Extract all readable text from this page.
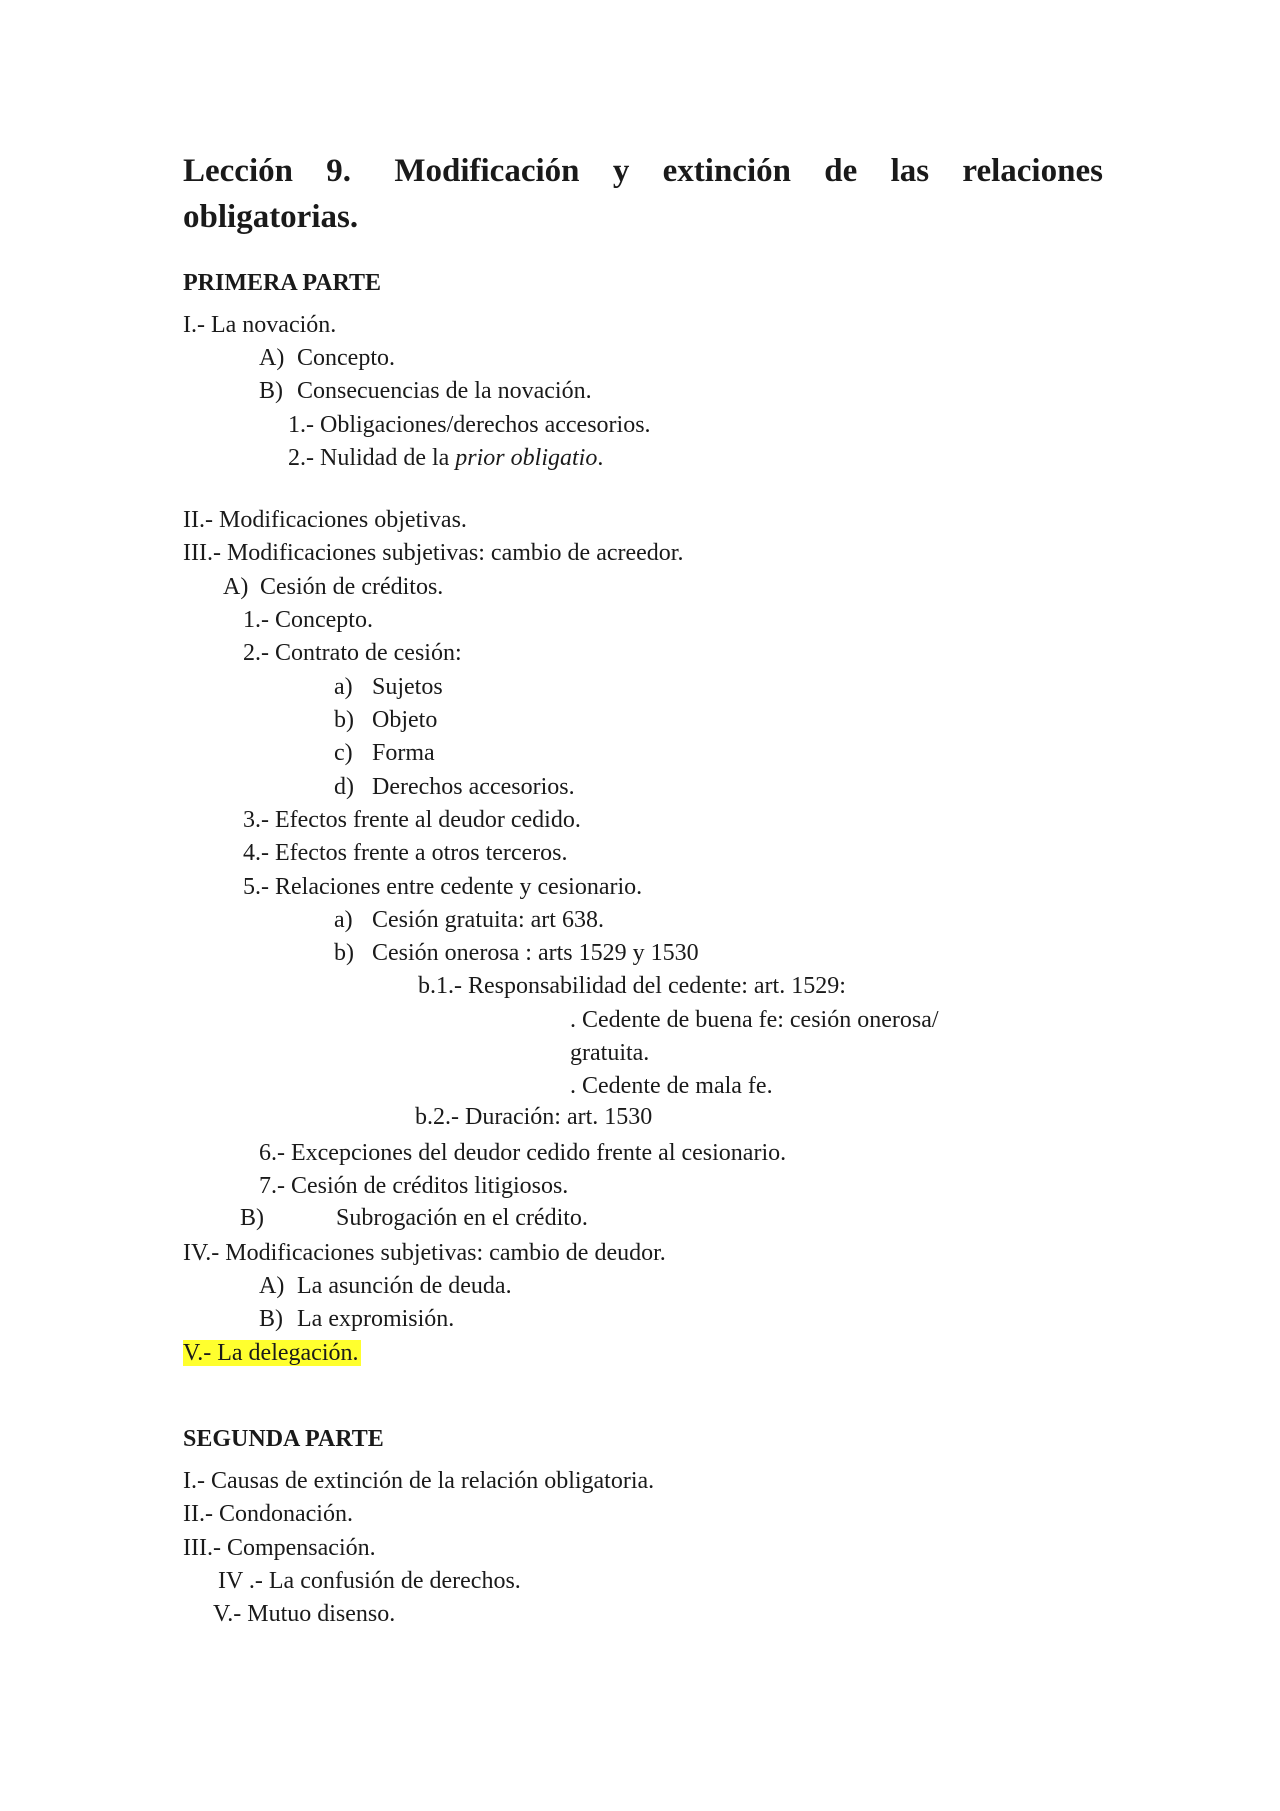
Lección 9. Modificación y extinción de las relaciones
obligatorias.
PRIMERA PARTE
I.- La novación.
A) Concepto.
B) Consecuencias de la novación.
1.- Obligaciones/derechos accesorios.
2.- Nulidad de la prior obligatio.
II.- Modificaciones objetivas.
III.- Modificaciones subjetivas: cambio de acreedor.
A) Cesión de créditos.
1.- Concepto.
2.- Contrato de cesión:
a) Sujetos
b) Objeto
c) Forma
d) Derechos accesorios.
3.- Efectos frente al deudor cedido.
4.- Efectos frente a otros terceros.
5.- Relaciones entre cedente y cesionario.
a) Cesión gratuita: art 638.
b) Cesión onerosa : arts 1529 y 1530
b.1.- Responsabilidad del cedente: art. 1529:
. Cedente de buena fe: cesión onerosa/
gratuita.
. Cedente de mala fe.
b.2.- Duración: art. 1530
6.- Excepciones del deudor cedido frente al cesionario.
7.- Cesión de créditos litigiosos.
B)	Subrogación en el crédito.
IV.- Modificaciones subjetivas: cambio de deudor.
A) La asunción de deuda.
B) La expromisión.
V.- La delegación.
SEGUNDA PARTE
I.- Causas de extinción de la relación obligatoria.
II.- Condonación.
III.- Compensación.
IV .- La confusión de derechos.
V.- Mutuo disenso.
